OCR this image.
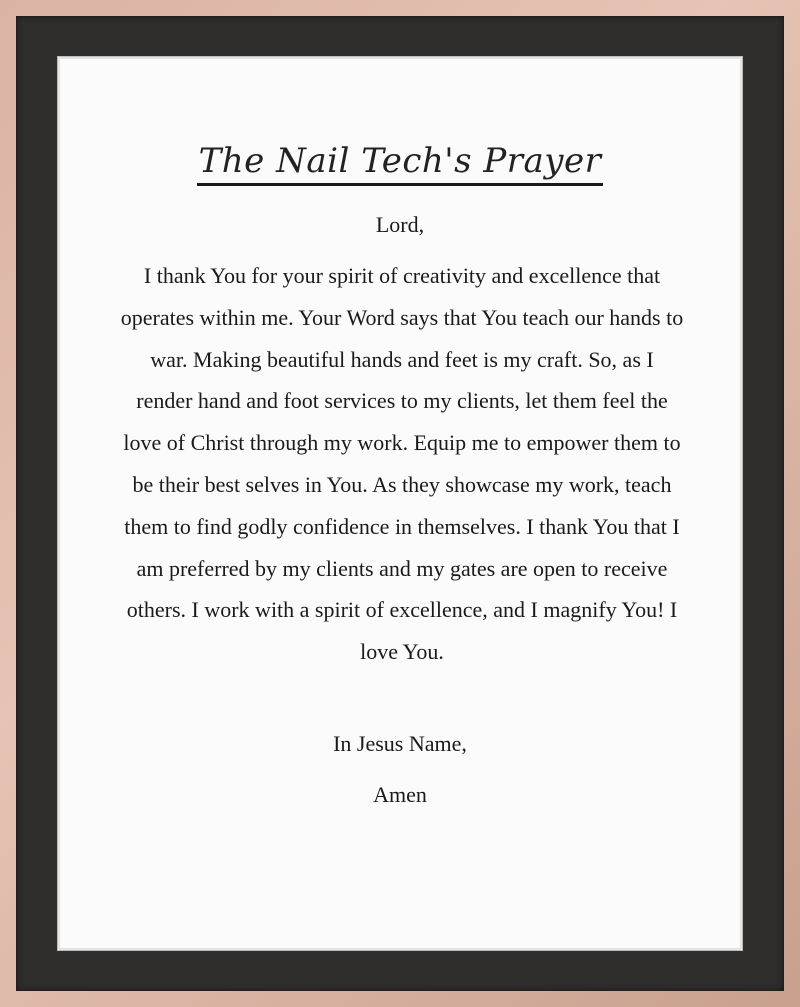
The Nail Tech's Prayer
Lord,

I thank You for your spirit of creativity and excellence that operates within me. Your Word says that You teach our hands to war. Making beautiful hands and feet is my craft. So, as I render hand and foot services to my clients, let them feel the love of Christ through my work. Equip me to empower them to be their best selves in You. As they showcase my work, teach them to find godly confidence in themselves. I thank You that I am preferred by my clients and my gates are open to receive others. I work with a spirit of excellence, and I magnify You! I love You.

In Jesus Name,
Amen
